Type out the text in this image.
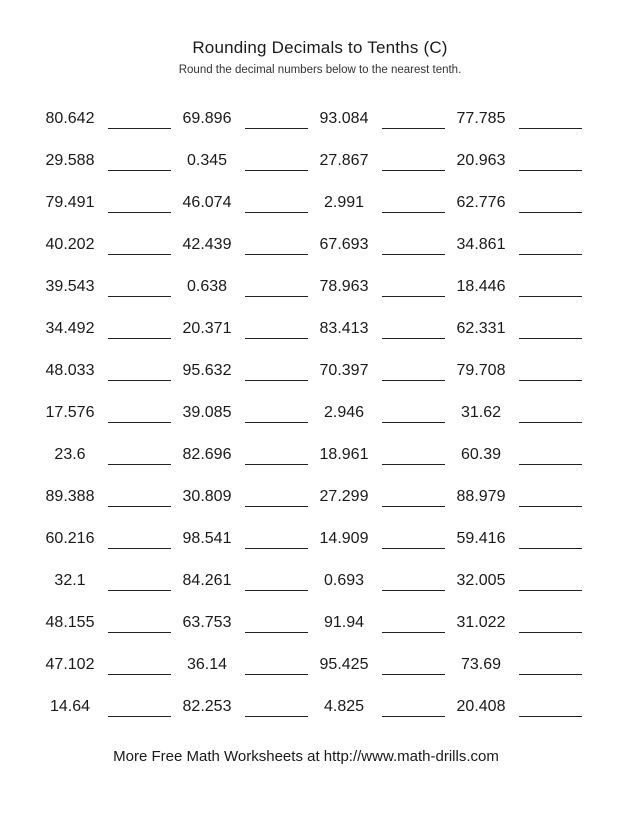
Rounding Decimals to Tenths (C)
Round the decimal numbers below to the nearest tenth.
80.642	69.896	93.084	77.785
29.588	0.345	27.867	20.963
79.491	46.074	2.991	62.776
40.202	42.439	67.693	34.861
39.543	0.638	78.963	18.446
34.492	20.371	83.413	62.331
48.033	95.632	70.397	79.708
17.576	39.085	2.946	31.62
23.6	82.696	18.961	60.39
89.388	30.809	27.299	88.979
60.216	98.541	14.909	59.416
32.1	84.261	0.693	32.005
48.155	63.753	91.94	31.022
47.102	36.14	95.425	73.69
14.64	82.253	4.825	20.408
More Free Math Worksheets at http://www.math-drills.com
